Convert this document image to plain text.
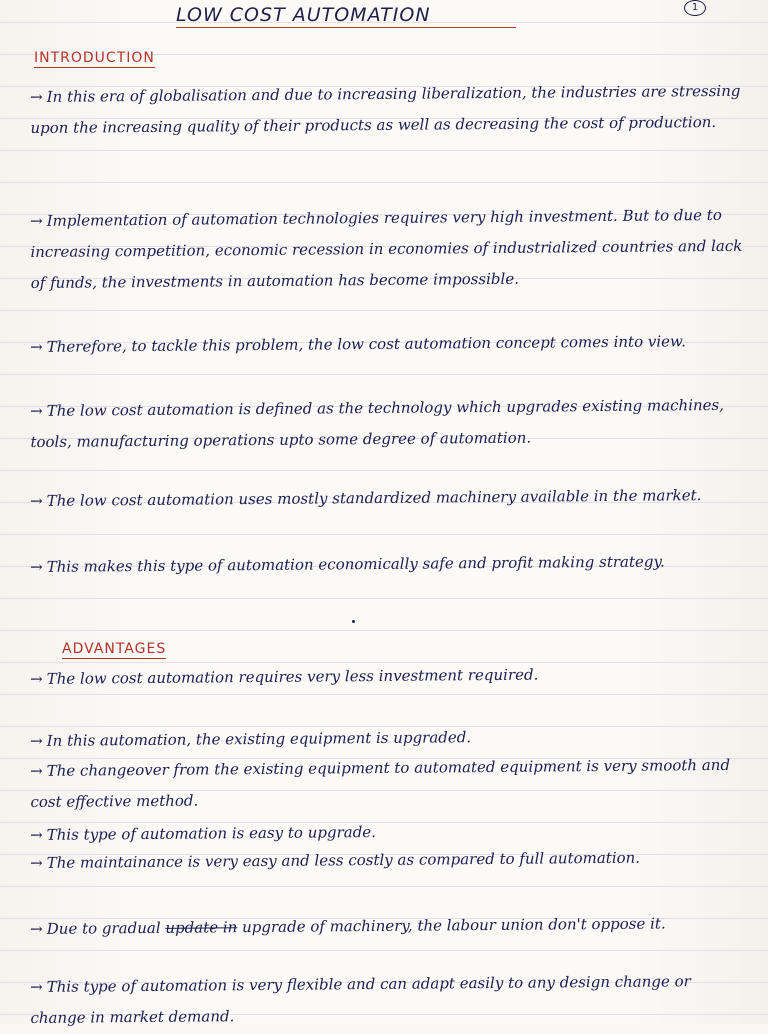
LOW COST AUTOMATION	1
INTRODUCTION
→ In this era of globalisation and due to increasing liberalization, the industries are stressing upon the increasing quality of their products as well as decreasing the cost of production.
→ Implementation of automation technologies requires very high investment. But to due to increasing competition, economic recession in economies of industrialized countries and lack of funds, the investments in automation has become impossible.
→ Therefore, to tackle this problem, the low cost automation concept comes into view.
→ The low cost automation is defined as the technology which upgrades existing machines, tools, manufacturing operations upto some degree of automation.
→ The low cost automation uses mostly standardized machinery available in the market.
→ This makes this type of automation economically safe and profit making strategy.
ADVANTAGES
→ The low cost automation requires very less investment required.
→ In this automation, the existing equipment is upgraded.
→ The changeover from the existing equipment to automated equipment is very smooth and cost effective method.
→ This type of automation is easy to upgrade.
→ The maintainance is very easy and less costly as compared to full automation.
→ Due to gradual update in upgrade of machinery, the labour union don't oppose it.
→ This type of automation is very flexible and can adapt easily to any design change or change in market demand.
